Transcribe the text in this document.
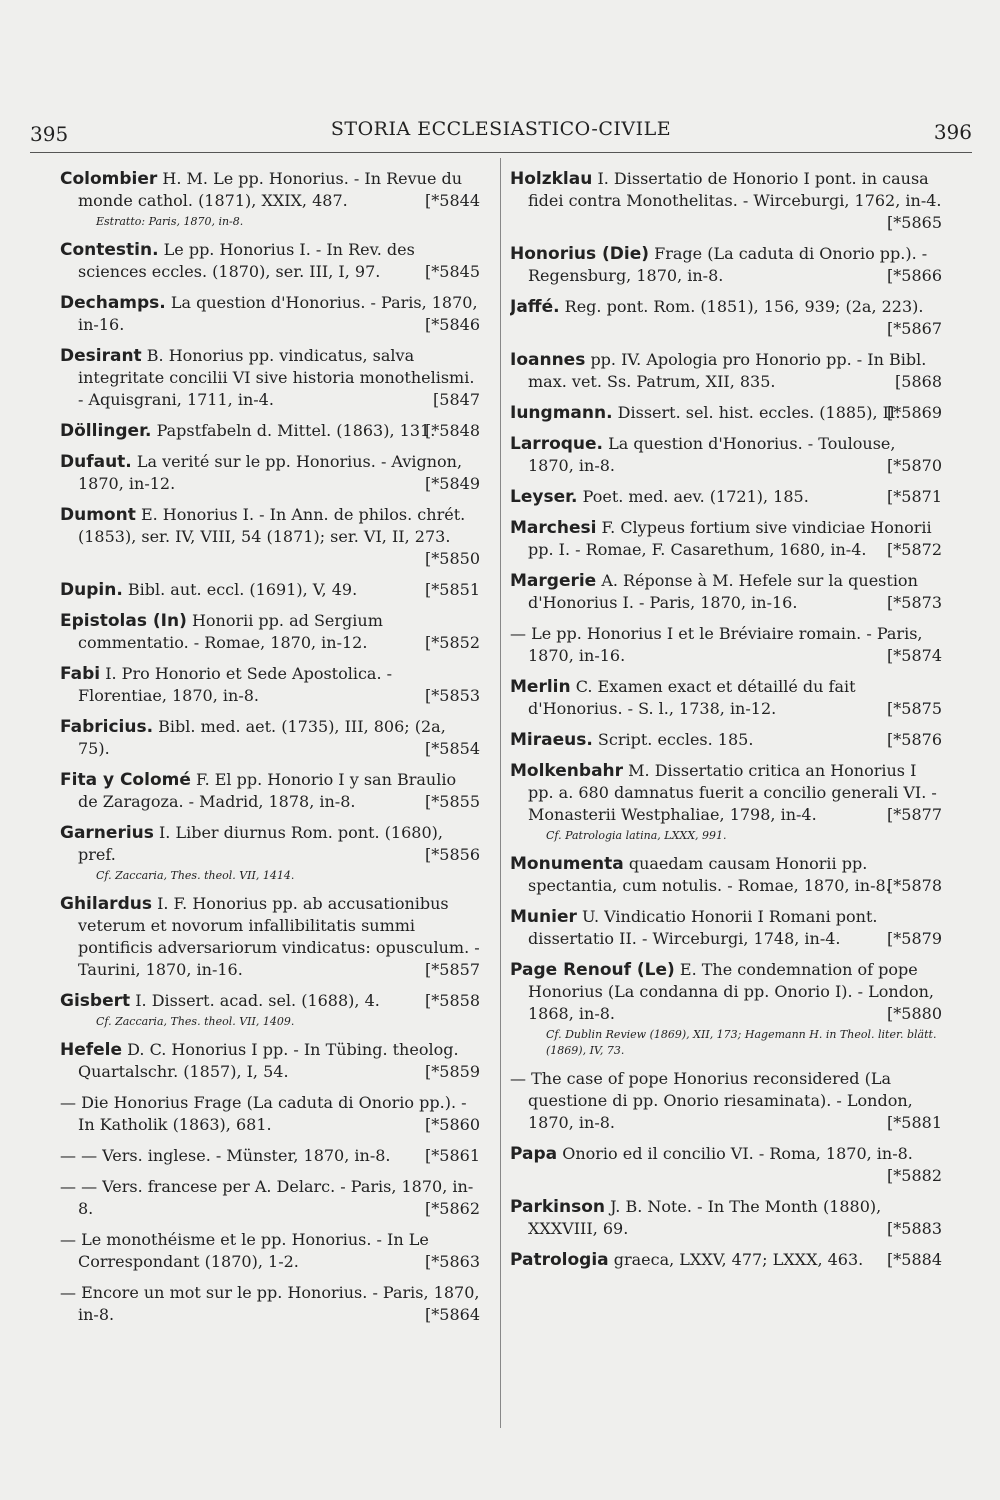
395	STORIA ECCLESIASTICO-CIVILE	396
Colombier H. M. Le pp. Honorius. - In Revue du monde cathol. (1871), XXIX, 487.	[*5844
Estratto: Paris, 1870, in-8.
Contestin. Le pp. Honorius I. - In Rev. des sciences eccles. (1870), ser. III, I, 97.	[*5845
Dechamps. La question d'Honorius. - Paris, 1870, in-16.	[*5846
Desirant B. Honorius pp. vindicatus, salva integritate concilii VI sive historia monothelismi. - Aquisgrani, 1711, in-4.	[5847
Döllinger. Papstfabeln d. Mittel. (1863), 131.
[*5848
Dufaut. La verité sur le pp. Honorius. - Avignon, 1870, in-12.	[*5849
Dumont E. Honorius I. - In Ann. de philos. chrét. (1853), ser. IV, VIII, 54 (1871); ser. VI, II, 273.
[*5850
Dupin. Bibl. aut. eccl. (1691), V, 49.	[*5851
Epistolas (In) Honorii pp. ad Sergium commentatio. - Romae, 1870, in-12.	[*5852
Fabi I. Pro Honorio et Sede Apostolica. - Florentiae, 1870, in-8.	[*5853
Fabricius. Bibl. med. aet. (1735), III, 806; (2a, 75).	[*5854
Fita y Colomé F. El pp. Honorio I y san Braulio de Zaragoza. - Madrid, 1878, in-8.	[*5855
Garnerius I. Liber diurnus Rom. pont. (1680), pref.	[*5856
Cf. Zaccaria, Thes. theol. VII, 1414.
Ghilardus I. F. Honorius pp. ab accusationibus veterum et novorum infallibilitatis summi pontificis adversariorum vindicatus: opusculum. - Taurini, 1870, in-16.	[*5857
Gisbert I. Dissert. acad. sel. (1688), 4.	[*5858
Cf. Zaccaria, Thes. theol. VII, 1409.
Hefele D. C. Honorius I pp. - In Tübing. theolog. Quartalschr. (1857), I, 54.	[*5859
— Die Honorius Frage (La caduta di Onorio pp.). - In Katholik (1863), 681.	[*5860
— — Vers. inglese. - Münster, 1870, in-8. [*5861
— — Vers. francese per A. Delarc. - Paris, 1870, in-8.	[*5862
— Le monothéisme et le pp. Honorius. - In Le Correspondant (1870), 1-2.	[*5863
— Encore un mot sur le pp. Honorius. - Paris, 1870, in-8.	[*5864
Holzklau I. Dissertatio de Honorio I pont. in causa fidei contra Monothelitas. - Wirceburgi, 1762, in-4.
[*5865
Honorius (Die) Frage (La caduta di Onorio pp.). - Regensburg, 1870, in-8.	[*5866
Jaffé. Reg. pont. Rom. (1851), 156, 939; (2a, 223).
[*5867
Ioannes pp. IV. Apologia pro Honorio pp. - In Bibl. max. vet. Ss. Patrum, XII, 835.	[5868
Iungmann. Dissert. sel. hist. eccles. (1885), II.
[*5869
Larroque. La question d'Honorius. - Toulouse, 1870, in-8.	[*5870
Leyser. Poet. med. aev. (1721), 185.	[*5871
Marchesi F. Clypeus fortium sive vindiciae Honorii pp. I. - Romae, F. Casarethum, 1680, in-4. [*5872
Margerie A. Réponse à M. Hefele sur la question d'Honorius I. - Paris, 1870, in-16.	[*5873
— Le pp. Honorius I et le Bréviaire romain. - Paris, 1870, in-16.	[*5874
Merlin C. Examen exact et détaillé du fait d'Honorius. - S. l., 1738, in-12.	[*5875
Miraeus. Script. eccles. 185.	[*5876
Molkenbahr M. Dissertatio critica an Honorius I pp. a. 680 damnatus fuerit a concilio generali VI. - Monasterii Westphaliae, 1798, in-4.	[*5877
Cf. Patrologia latina, LXXX, 991.
Monumenta quaedam causam Honorii pp. spectantia, cum notulis. - Romae, 1870, in-8.
[*5878
Munier U. Vindicatio Honorii I Romani pont. dissertatio II. - Wirceburgi, 1748, in-4.	[*5879
Page Renouf (Le) E. The condemnation of pope Honorius (La condanna di pp. Onorio I). - London, 1868, in-8.	[*5880
Cf. Dublin Review (1869), XII, 173; Hagemann H. in Theol. liter. blätt. (1869), IV, 73.
— The case of pope Honorius reconsidered (La questione di pp. Onorio riesaminata). - London, 1870, in-8.	[*5881
Papa Onorio ed il concilio VI. - Roma, 1870, in-8.
[*5882
Parkinson J. B. Note. - In The Month (1880), XXXVIII, 69.	[*5883
Patrologia graeca, LXXV, 477; LXXX, 463. [*5884
